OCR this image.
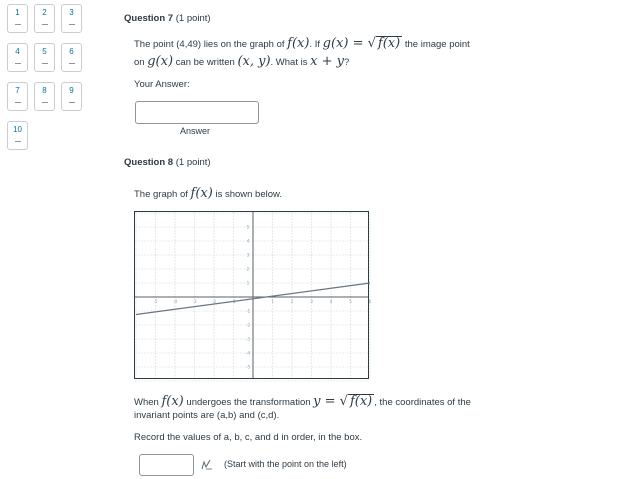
1	2	3
4	5	6
7	8	9
10
Question 7 (1 point)
The point (4,49) lies on the graph of f(x). If g(x) = √ f(x) the image point
on g(x) can be written (x, y). What is x + y?
Your Answer:
Answer
Question 8 (1 point)
The graph of f(x) is shown below.
-5	-4	-3	-2	-1	1	2	3	4	5	6
5
4
3
2
1
-1
-2
-3
-4
-5
When f(x) undergoes the transformation y = √ f(x) , the coordinates of the
invariant points are (a,b) and (c,d).
Record the values of a, b, c, and d in order, in the box.
(Start with the point on the left)
